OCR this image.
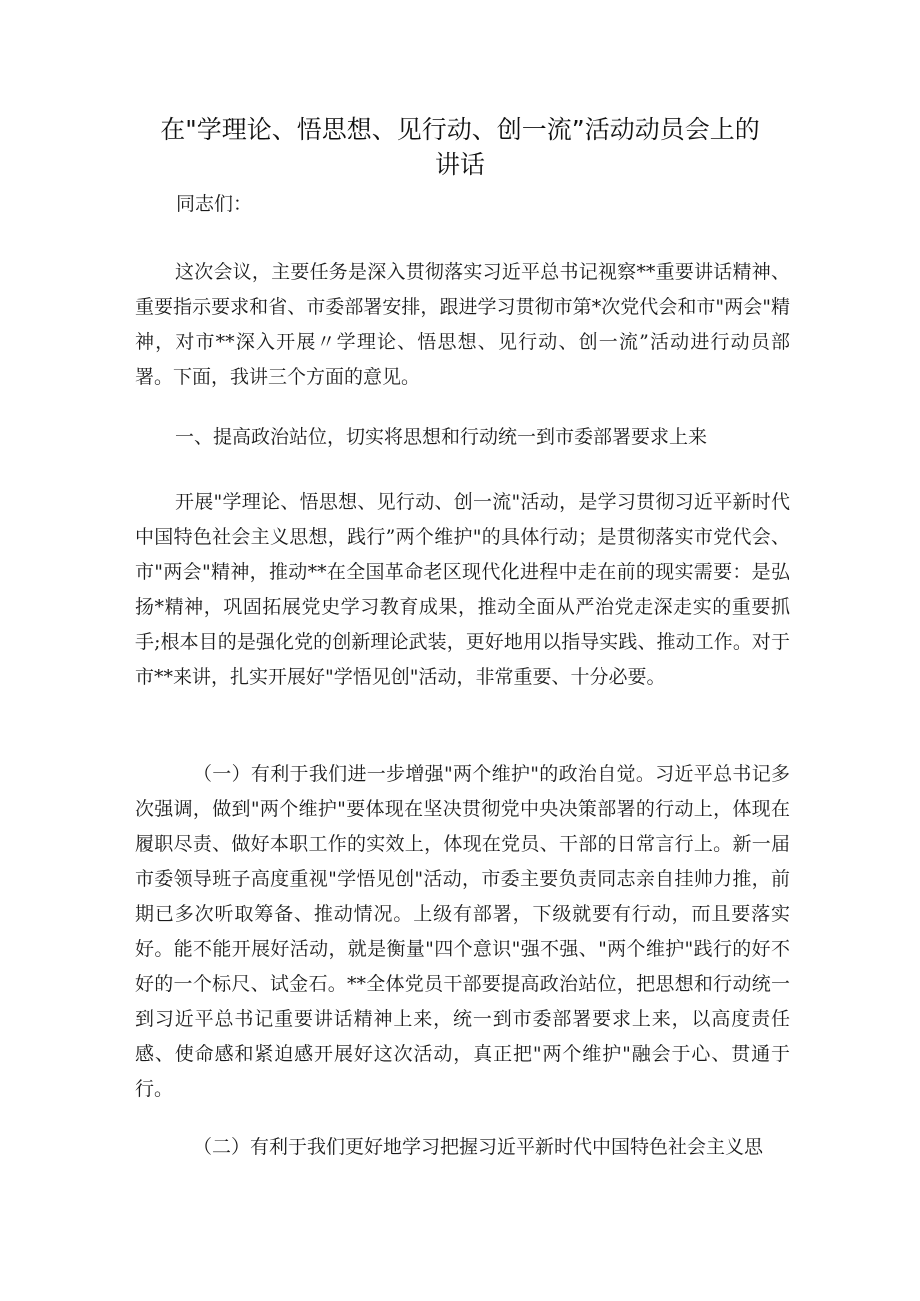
在"学理论、悟思想、见行动、创一流”活动动员会上的
讲话
同志们：

这次会议，主要任务是深入贯彻落实习近平总书记视察**重要讲话精神、重要指示要求和省、市委部署安排，跟进学习贯彻市第*次党代会和市"两会"精神，对市**深入开展〃学理论、悟思想、见行动、创一流”活动进行动员部署。下面，我讲三个方面的意见。

一、提高政治站位，切实将思想和行动统一到市委部署要求上来

开展"学理论、悟思想、见行动、创一流"活动，是学习贯彻习近平新时代中国特色社会主义思想，践行”两个维护"的具体行动；是贯彻落实市党代会、市"两会"精神，推动**在全国革命老区现代化进程中走在前的现实需要：是弘扬*精神，巩固拓展党史学习教育成果，推动全面从严治党走深走实的重要抓手;根本目的是强化党的创新理论武装，更好地用以指导实践、推动工作。对于市**来讲，扎实开展好"学悟见创"活动，非常重要、十分必要。

（一）有利于我们进一步增强"两个维护"的政治自觉。习近平总书记多次强调，做到"两个维护"要体现在坚决贯彻党中央决策部署的行动上，体现在履职尽责、做好本职工作的实效上，体现在党员、干部的日常言行上。新一届市委领导班子高度重视"学悟见创"活动，市委主要负责同志亲自挂帅力推，前期已多次听取筹备、推动情况。上级有部署，下级就要有行动，而且要落实好。能不能开展好活动，就是衡量"四个意识"强不强、"两个维护"践行的好不好的一个标尺、试金石。**全体党员干部要提高政治站位，把思想和行动统一到习近平总书记重要讲话精神上来，统一到市委部署要求上来，以高度责任感、使命感和紧迫感开展好这次活动，真正把"两个维护"融会于心、贯通于行。

（二）有利于我们更好地学习把握习近平新时代中国特色社会主义思
